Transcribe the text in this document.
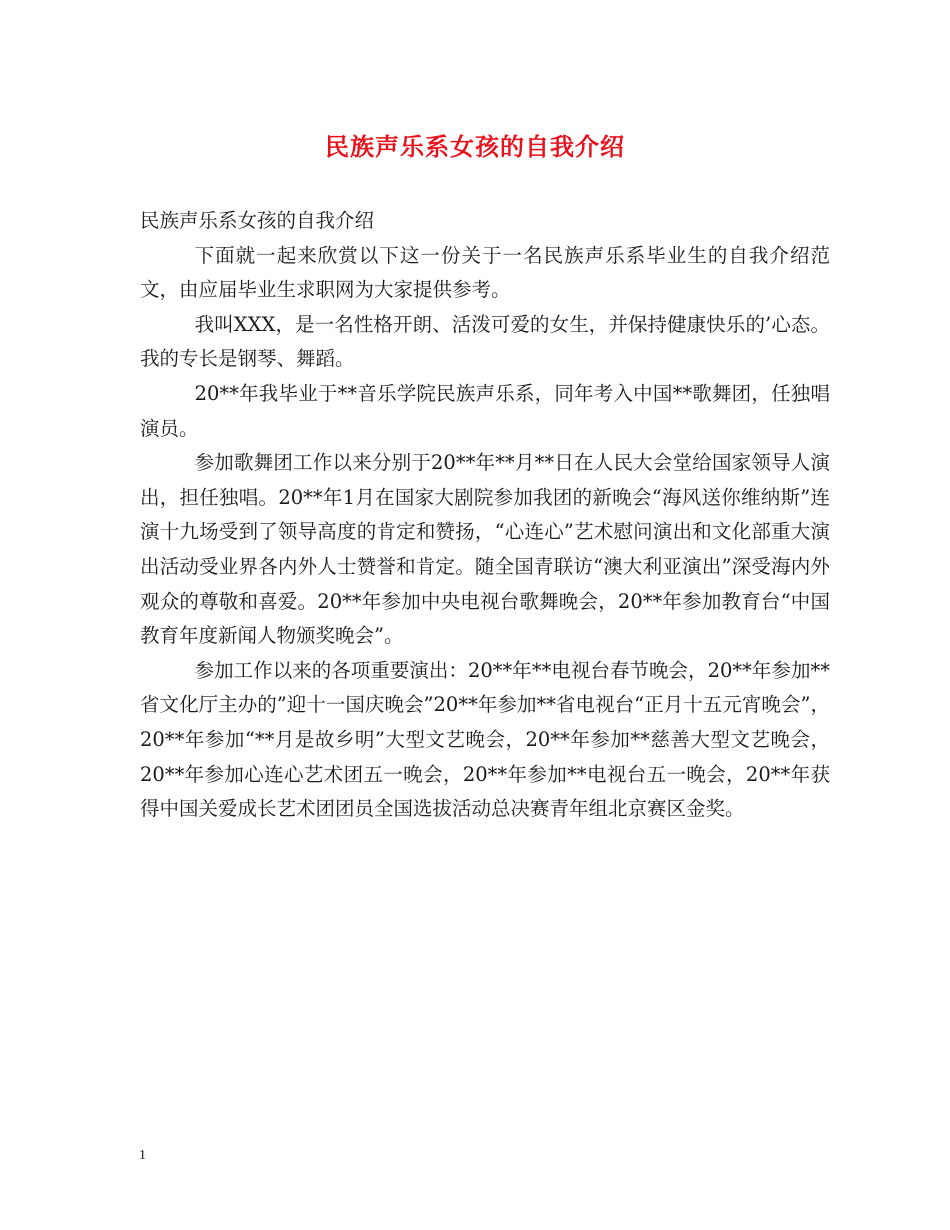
民族声乐系女孩的自我介绍

民族声乐系女孩的自我介绍

下面就一起来欣赏以下这一份关于一名民族声乐系毕业生的自我介绍范文，由应届毕业生求职网为大家提供参考。

我叫XXX，是一名性格开朗、活泼可爱的女生，并保持健康快乐的’心态。我的专长是钢琴、舞蹈。

20**年我毕业于**音乐学院民族声乐系，同年考入中国**歌舞团，任独唱演员。

参加歌舞团工作以来分别于20**年**月**日在人民大会堂给国家领导人演出，担任独唱。20**年1月在国家大剧院参加我团的新晚会“海风送你维纳斯”连演十九场受到了领导高度的肯定和赞扬，“心连心”艺术慰问演出和文化部重大演出活动受业界各内外人士赞誉和肯定。随全国青联访“澳大利亚演出”深受海内外观众的尊敬和喜爱。20**年参加中央电视台歌舞晚会，20**年参加教育台“中国教育年度新闻人物颁奖晚会”。

参加工作以来的各项重要演出：20**年**电视台春节晚会，20**年参加**省文化厅主办的”迎十一国庆晚会”20**年参加**省电视台“正月十五元宵晚会”，20**年参加“**月是故乡明”大型文艺晚会，20**年参加**慈善大型文艺晚会，20**年参加心连心艺术团五一晚会，20**年参加**电视台五一晚会，20**年获得中国关爱成长艺术团团员全国选拔活动总决赛青年组北京赛区金奖。

1
